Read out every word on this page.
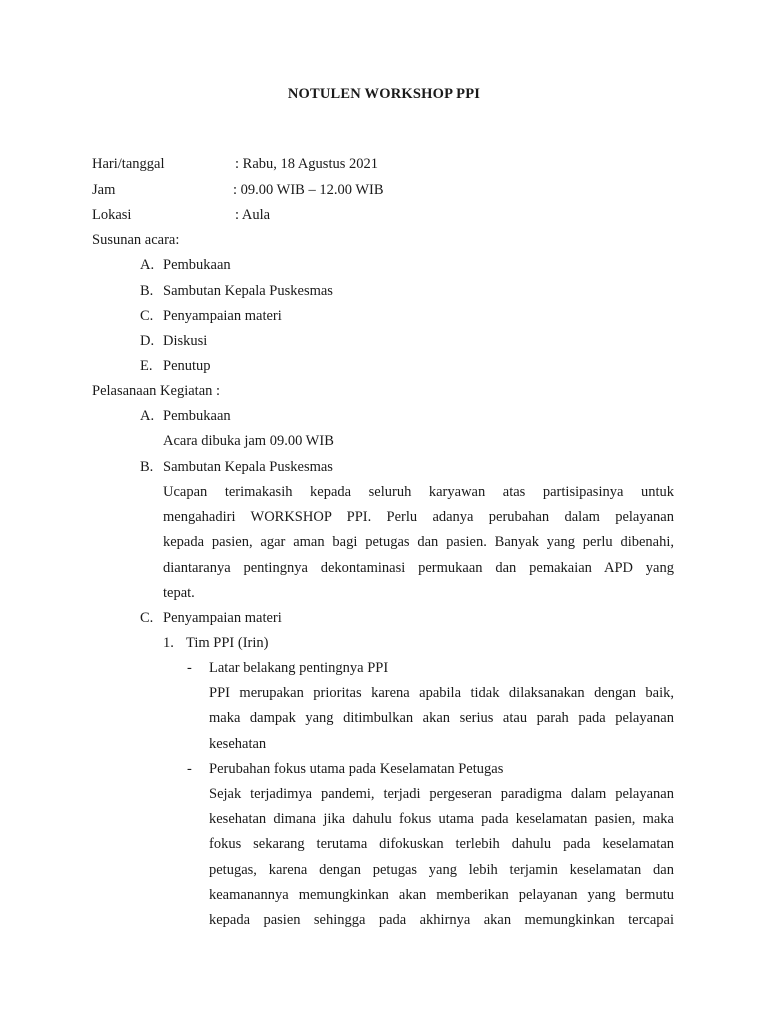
NOTULEN WORKSHOP PPI
Hari/tanggal	: Rabu, 18 Agustus 2021
Jam	: 09.00 WIB – 12.00 WIB
Lokasi	: Aula
Susunan acara:
A. Pembukaan
B. Sambutan Kepala Puskesmas
C. Penyampaian materi
D. Diskusi
E. Penutup
Pelasanaan Kegiatan :
A. Pembukaan
Acara dibuka jam 09.00 WIB
B. Sambutan Kepala Puskesmas
Ucapan terimakasih kepada seluruh karyawan atas partisipasinya untuk
mengahadiri WORKSHOP PPI. Perlu adanya perubahan dalam pelayanan
kepada pasien, agar aman bagi petugas dan pasien. Banyak yang perlu dibenahi,
diantaranya pentingnya dekontaminasi permukaan dan pemakaian APD yang
tepat.
C. Penyampaian materi
1. Tim PPI (Irin)
- Latar belakang pentingnya PPI
PPI merupakan prioritas karena apabila tidak dilaksanakan dengan baik,
maka dampak yang ditimbulkan akan serius atau parah pada pelayanan
kesehatan
- Perubahan fokus utama pada Keselamatan Petugas
Sejak terjadimya pandemi, terjadi pergeseran paradigma dalam pelayanan
kesehatan dimana jika dahulu fokus utama pada keselamatan pasien, maka
fokus sekarang terutama difokuskan terlebih dahulu pada keselamatan
petugas, karena dengan petugas yang lebih terjamin keselamatan dan
keamanannya memungkinkan akan memberikan pelayanan yang bermutu
kepada pasien sehingga pada akhirnya akan memungkinkan tercapai
